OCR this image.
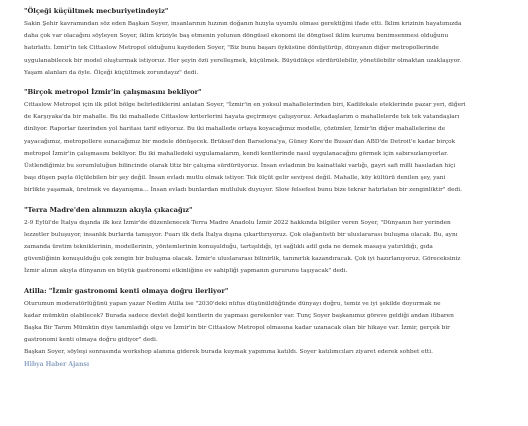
"Ölçeği küçültmek mecburiyetindeyiz"
Sakin Şehir kavramından söz eden Başkan Soyer, insanlarının hızının doğanın hızıyla uyumlu olması gerektiğini ifade etti. İklim krizinin hayatımızda
daha çok var olacağını söyleyen Soyer, iklim kriziyle baş etmenin yolunun döngüsel ekonomi ile döngüsel iklim kurumu benimsenmesi olduğunu
hatırlattı. İzmir'in tek Cittaslow Metropol olduğunu kaydeden Soyer, "Biz bunu başarı öyküsüne dönüştürüp, dünyanın diğer metropollerinde
uygulanabilecek bir model oluşturmak istiyoruz. Her şeyin özü yerelleşmek, küçülmek. Büyüdükçe sürdürülebilir, yönetilebilir olmaktan uzaklaşıyor.
Yaşam alanları da öyle. Ölçeği küçültmek zorundayız" dedi.
"Birçok metropol İzmir'in çalışmasını bekliyor"
Cittaslow Metropol için ilk pilot bölge belirlediklerini anlatan Soyer, "İzmir'in en yoksul mahallelerinden biri, Kadifekale eteklerinde pazar yeri, diğeri
de Karşıyaka'da bir mahalle. Bu iki mahallede Cittaslow kriterlerini hayata geçirmeye çalışıyoruz. Arkadaşlarım o mahallelerde tek tek vatandaşları
dinliyor. Raporlar üzerinden yol haritası tarif ediyoruz. Bu iki mahallede ortaya koyacağımız modelle, çözümler, İzmir'in diğer mahallelerine de
yayacağımız, metropollere sunacağımız bir modele dönüşecek. Brüksel'den Barselona'ya, Güney Kore'de Busan'dan ABD'de Detroit'e kadar birçok
metropol İzmir'in çalışmasını bekliyor. Bu iki mahalledeki uygulamalarım, kendi kentlerinde nasıl uygulanacağını görmek için sabırsızlanıyorlar.
Üstlendiğimiz bu sorumluluğun bilincinde olarak titiz bir çalışma sürdürüyoruz. İnsan evladının bu kainattaki varlığı, gayri safi milli hasıladan hiçi
başı düşen payla ölçülebilen bir şey değil. İnsan evladı mutlu olmak istiyor. Tek ölçüt gelir seviyesi değil. Mahalle, köy kültürü denilen şey, yani
birlikte yaşamak, üretmek ve dayanışma… İnsan evladı bunlardan mutluluk duyuyor. Slow felsefesi bunu bize tekrar hatırlatan bir zenginliktir" dedi.
"Terra Madre'den alınmızın akıyla çıkacağız"
2-9 Eylül'de İtalya dışında ilk kez İzmir'de düzenlenecek Terra Madre Anadolu İzmir 2022 hakkında bilgiler veren Soyer, "Dünyanın her yerinden
lezzetler buluşuyor, insanlık burlarda tanışıyor. Fuarı ilk defa İtalya dışına çıkarttırıyoruz. Çok olağanüstü bir uluslararası buluşma olacak. Bu, aynı
zamanda üretim tekniklerinin, modellerinin, yöntemlerinin konuşulduğu, tartışıldığı, iyi sağlıklı adil gıda ne demek masaya yatırıldığı, gıda
güvenliğinin konuşulduğu çok zengin bir buluşma olacak. İzmir'e uluslararası bilinirlik, tanınırlık kazandıracak. Çok iyi hazırlanıyoruz. Göreceksiniz
İzmir alının akıyla dünyanın en büyük gastronomi etkinliğine ev sahipliği yapmanın gururunu taşıyacak" dedi.
Atilla: "İzmir gastronomi kenti olmaya doğru ilerliyor"
Oturumun moderatörlüğünü yapan yazar Nedim Atilla ise "2030'deki nüfus düşünüldüğünde dünyayı doğru, temiz ve iyi şekilde doyurmak ne
kadar mümkün olabilecek? Burada sadece devlet değil kentlerin de yapması gerekenler var. Tunç Soyer başkanımız göreve geldiği andan itibaren
Başka Bir Tarım Mümkün diye tanımladığı olgu ve İzmir'in bir Cittaslow Metropol olmasına kadar uzanacak olan bir hikaye var. İzmir, gerçek bir
gastronomi kenti olmaya doğru gidiyor" dedi.
Başkan Soyer, söyleşi sonrasında workshop alanına giderek burada kuymak yapımına katıldı. Soyer katılımcıları ziyaret ederek sohbet etti.
Hibya Haber Ajansı
